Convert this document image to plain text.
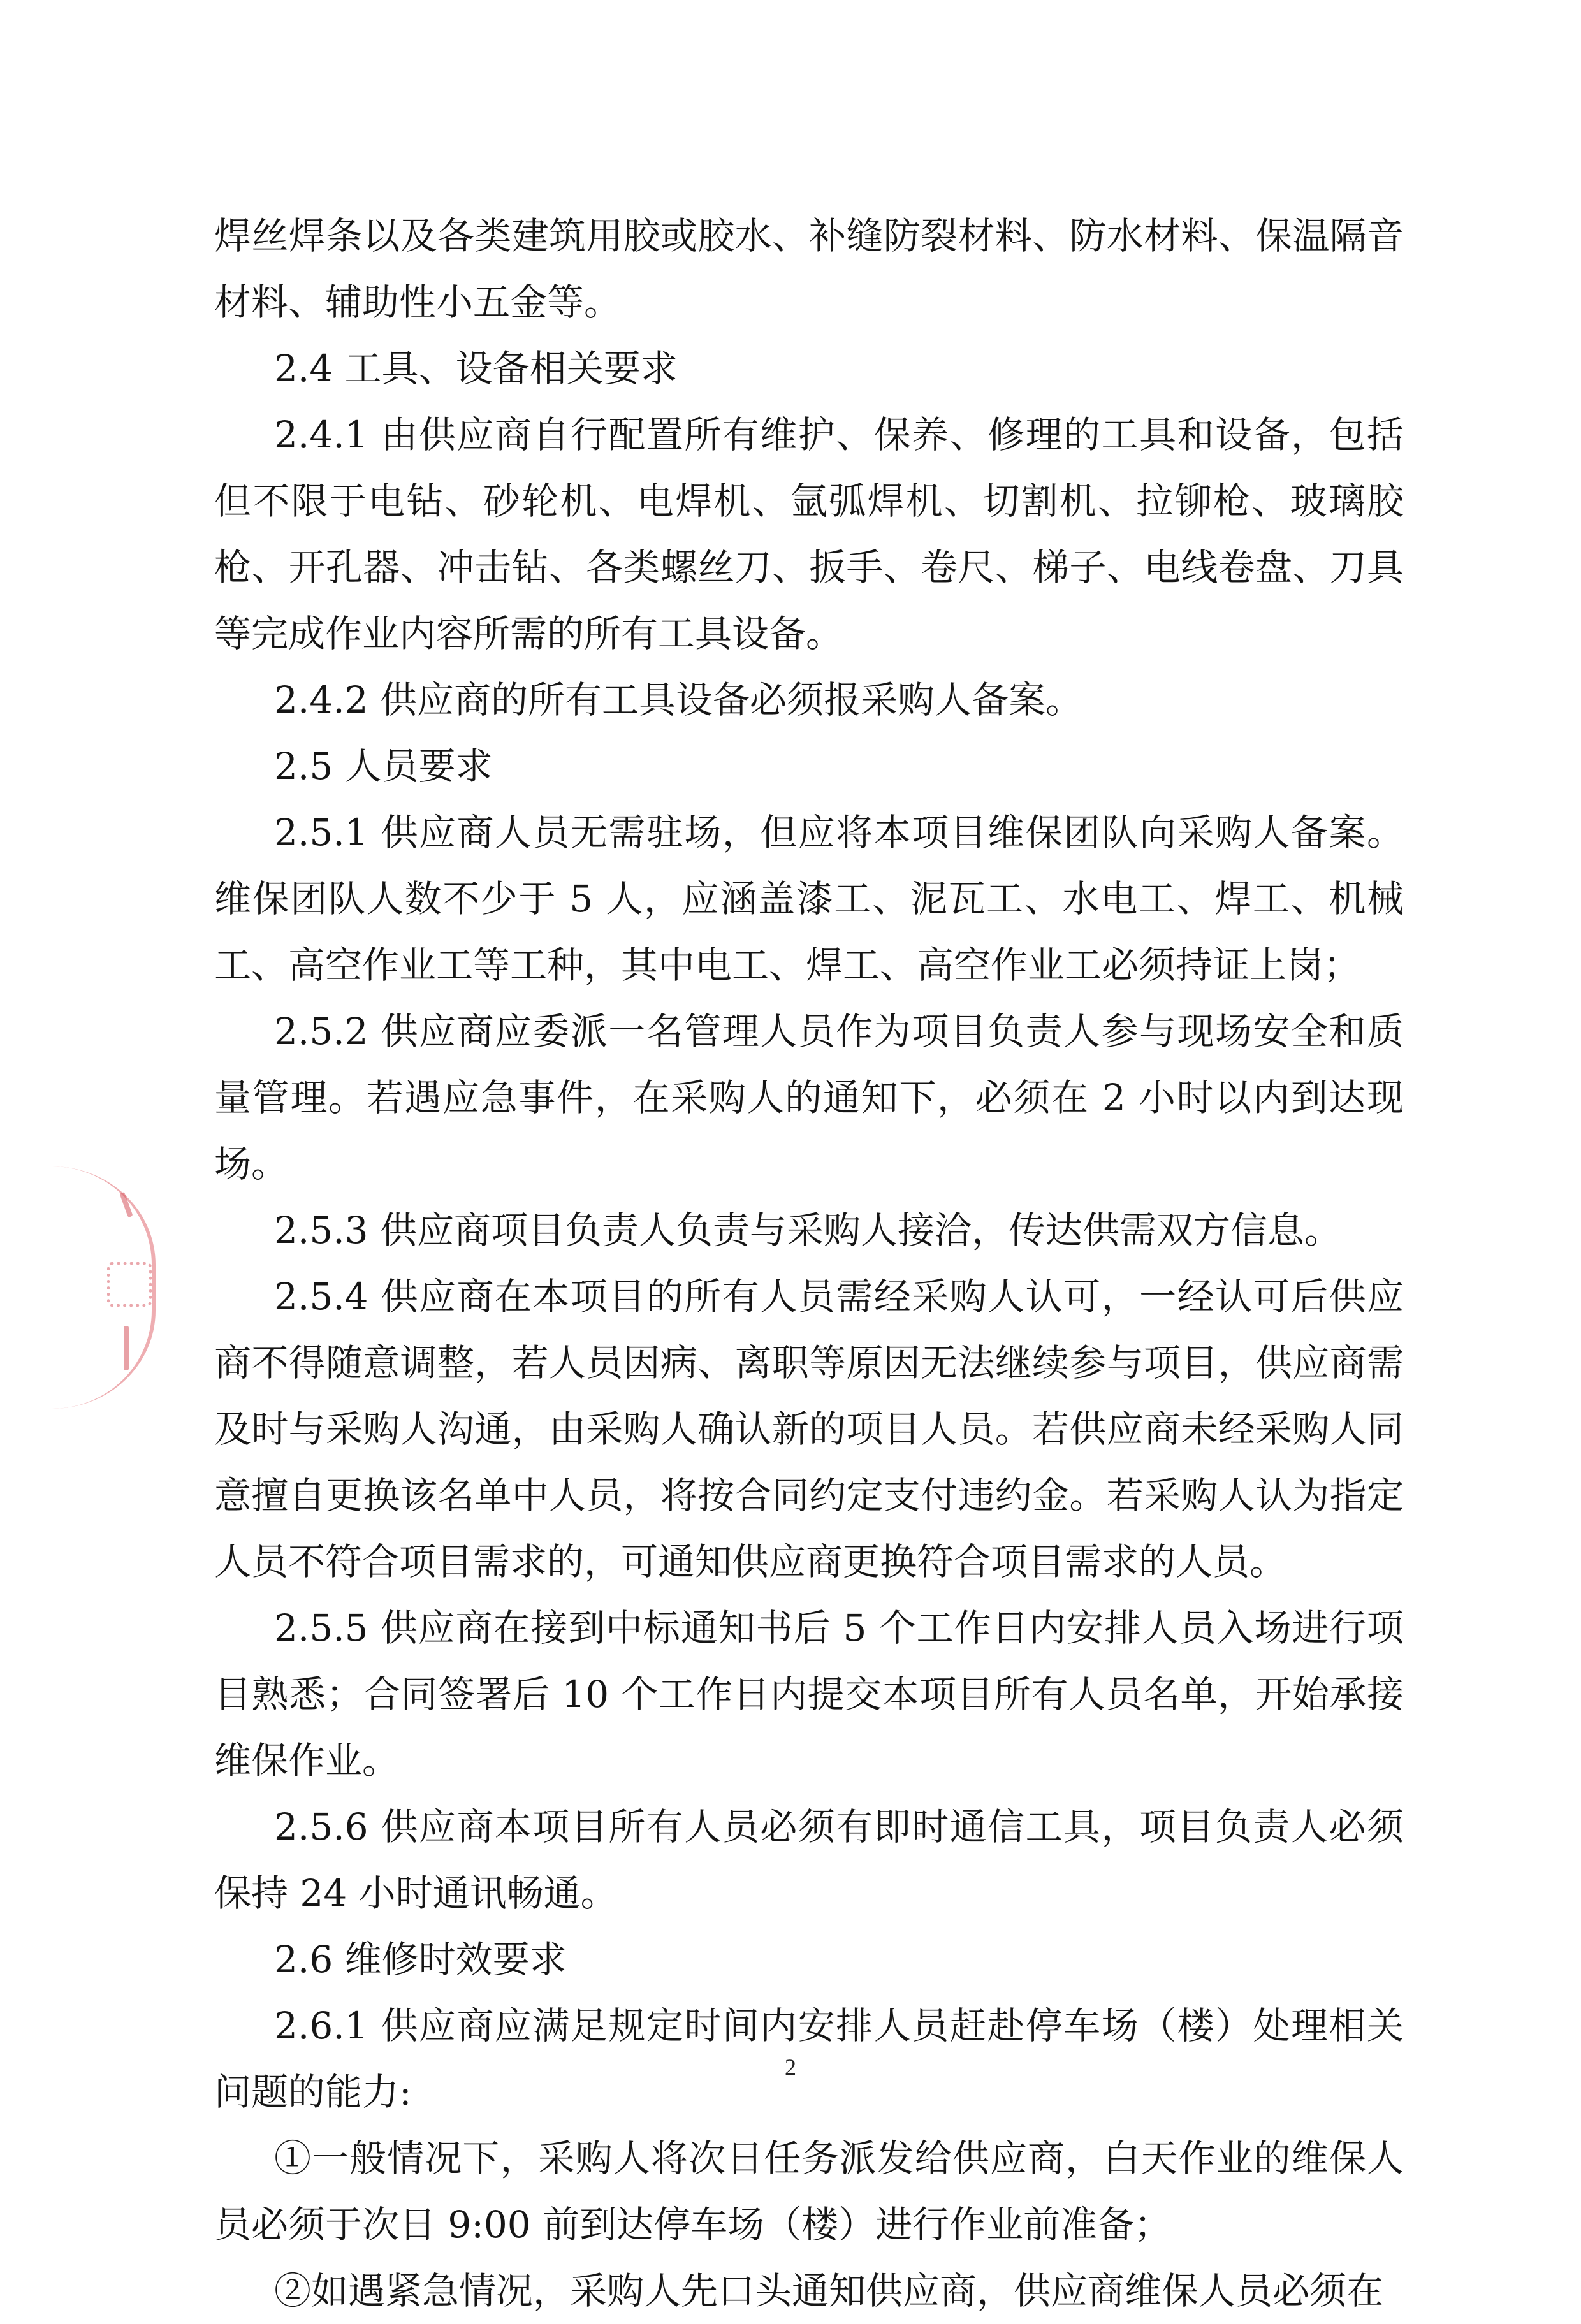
焊丝焊条以及各类建筑用胶或胶水、补缝防裂材料、防水材料、保温隔音材料、辅助性小五金等。

2.4 工具、设备相关要求

2.4.1 由供应商自行配置所有维护、保养、修理的工具和设备，包括但不限于电钻、砂轮机、电焊机、氩弧焊机、切割机、拉铆枪、玻璃胶枪、开孔器、冲击钻、各类螺丝刀、扳手、卷尺、梯子、电线卷盘、刀具等完成作业内容所需的所有工具设备。

2.4.2 供应商的所有工具设备必须报采购人备案。

2.5 人员要求

2.5.1 供应商人员无需驻场，但应将本项目维保团队向采购人备案。维保团队人数不少于 5 人，应涵盖漆工、泥瓦工、水电工、焊工、机械工、高空作业工等工种，其中电工、焊工、高空作业工必须持证上岗；

2.5.2 供应商应委派一名管理人员作为项目负责人参与现场安全和质量管理。若遇应急事件，在采购人的通知下，必须在 2 小时以内到达现场。

2.5.3 供应商项目负责人负责与采购人接洽，传达供需双方信息。

2.5.4 供应商在本项目的所有人员需经采购人认可，一经认可后供应商不得随意调整，若人员因病、离职等原因无法继续参与项目，供应商需及时与采购人沟通，由采购人确认新的项目人员。若供应商未经采购人同意擅自更换该名单中人员，将按合同约定支付违约金。若采购人认为指定人员不符合项目需求的，可通知供应商更换符合项目需求的人员。

2.5.5 供应商在接到中标通知书后 5 个工作日内安排人员入场进行项目熟悉；合同签署后 10 个工作日内提交本项目所有人员名单，开始承接维保作业。

2.5.6 供应商本项目所有人员必须有即时通信工具，项目负责人必须保持 24 小时通讯畅通。

2.6 维修时效要求

2.6.1 供应商应满足规定时间内安排人员赶赴停车场（楼）处理相关问题的能力:

①一般情况下，采购人将次日任务派发给供应商，白天作业的维保人员必须于次日 9:00 前到达停车场（楼）进行作业前准备；

②如遇紧急情况，采购人先口头通知供应商，供应商维保人员必须在

2
